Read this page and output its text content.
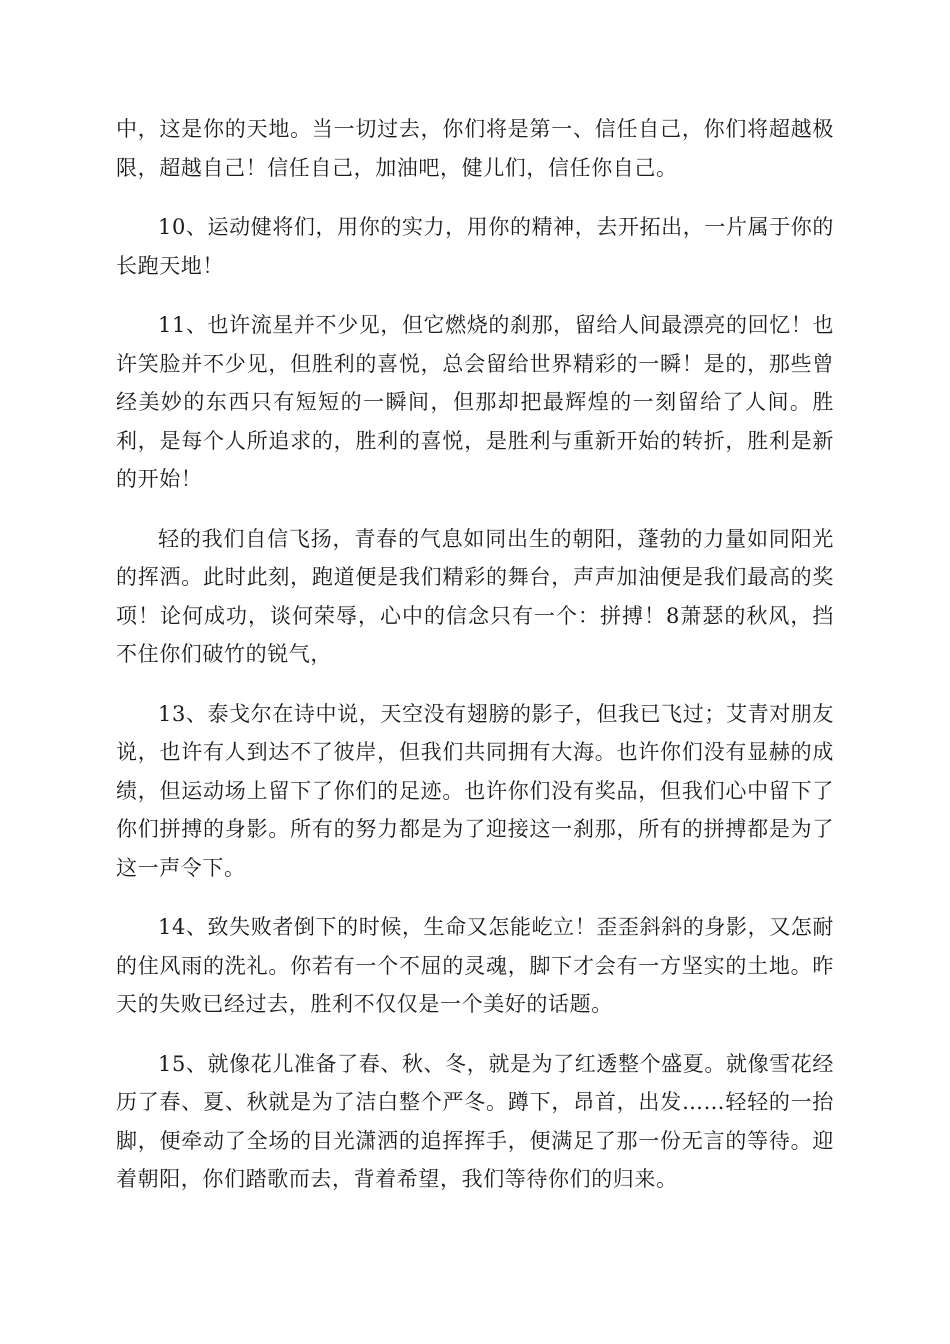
中，这是你的天地。当一切过去，你们将是第一、信任自己，你们将超越极限，超越自己！信任自己，加油吧，健儿们，信任你自己。

10、运动健将们，用你的实力，用你的精神，去开拓出，一片属于你的长跑天地！

11、也许流星并不少见，但它燃烧的刹那，留给人间最漂亮的回忆！也许笑脸并不少见，但胜利的喜悦，总会留给世界精彩的一瞬！是的，那些曾经美妙的东西只有短短的一瞬间，但那却把最辉煌的一刻留给了人间。胜利，是每个人所追求的，胜利的喜悦，是胜利与重新开始的转折，胜利是新的开始！

轻的我们自信飞扬，青春的气息如同出生的朝阳，蓬勃的力量如同阳光的挥洒。此时此刻，跑道便是我们精彩的舞台，声声加油便是我们最高的奖项！论何成功，谈何荣辱，心中的信念只有一个：拼搏！8萧瑟的秋风，挡不住你们破竹的锐气，

13、泰戈尔在诗中说，天空没有翅膀的影子，但我已飞过；艾青对朋友说，也许有人到达不了彼岸，但我们共同拥有大海。也许你们没有显赫的成绩，但运动场上留下了你们的足迹。也许你们没有奖品，但我们心中留下了你们拼搏的身影。所有的努力都是为了迎接这一刹那，所有的拼搏都是为了这一声令下。

14、致失败者倒下的时候，生命又怎能屹立！歪歪斜斜的身影，又怎耐的住风雨的洗礼。你若有一个不屈的灵魂，脚下才会有一方坚实的土地。昨天的失败已经过去，胜利不仅仅是一个美好的话题。

15、就像花儿准备了春、秋、冬，就是为了红透整个盛夏。就像雪花经历了春、夏、秋就是为了洁白整个严冬。蹲下，昂首，出发……轻轻的一抬脚，便牵动了全场的目光潇洒的追挥挥手，便满足了那一份无言的等待。迎着朝阳，你们踏歌而去，背着希望，我们等待你们的归来。
